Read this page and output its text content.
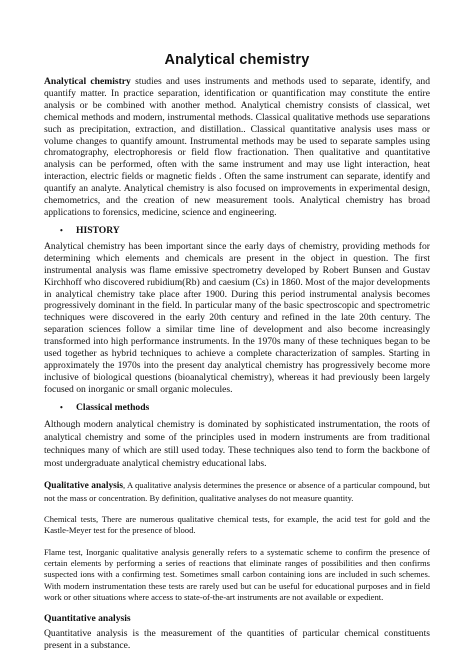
Analytical chemistry

Analytical chemistry studies and uses instruments and methods used to separate, identify, and quantify matter. In practice separation, identification or quantification may constitute the entire analysis or be combined with another method. Analytical chemistry consists of classical, wet chemical methods and modern, instrumental methods. Classical qualitative methods use separations such as precipitation, extraction, and distillation.. Classical quantitative analysis uses mass or volume changes to quantify amount. Instrumental methods may be used to separate samples using chromatography, electrophoresis or field flow fractionation. Then qualitative and quantitative analysis can be performed, often with the same instrument and may use light interaction, heat interaction, electric fields or magnetic fields . Often the same instrument can separate, identify and quantify an analyte. Analytical chemistry is also focused on improvements in experimental design, chemometrics, and the creation of new measurement tools. Analytical chemistry has broad applications to forensics, medicine, science and engineering.

•	HISTORY

Analytical chemistry has been important since the early days of chemistry, providing methods for determining which elements and chemicals are present in the object in question. The first instrumental analysis was flame emissive spectrometry developed by Robert Bunsen and Gustav Kirchhoff who discovered rubidium(Rb) and caesium (Cs) in 1860. Most of the major developments in analytical chemistry take place after 1900. During this period instrumental analysis becomes progressively dominant in the field. In particular many of the basic spectroscopic and spectrometric techniques were discovered in the early 20th century and refined in the late 20th century. The separation sciences follow a similar time line of development and also become increasingly transformed into high performance instruments. In the 1970s many of these techniques began to be used together as hybrid techniques to achieve a complete characterization of samples. Starting in approximately the 1970s into the present day analytical chemistry has progressively become more inclusive of biological questions (bioanalytical chemistry), whereas it had previously been largely focused on inorganic or small organic molecules.

•	Classical methods

Although modern analytical chemistry is dominated by sophisticated instrumentation, the roots of analytical chemistry and some of the principles used in modern instruments are from traditional techniques many of which are still used today. These techniques also tend to form the backbone of most undergraduate analytical chemistry educational labs.

Qualitative analysis, A qualitative analysis determines the presence or absence of a particular compound, but not the mass or concentration. By definition, qualitative analyses do not measure quantity.

Chemical tests, There are numerous qualitative chemical tests, for example, the acid test for gold and the Kastle-Meyer test for the presence of blood.

Flame test, Inorganic qualitative analysis generally refers to a systematic scheme to confirm the presence of certain elements by performing a series of reactions that eliminate ranges of possibilities and then confirms suspected ions with a confirming test. Sometimes small carbon containing ions are included in such schemes. With modern instrumentation these tests are rarely used but can be useful for educational purposes and in field work or other situations where access to state-of-the-art instruments are not available or expedient.

Quantitative analysis

Quantitative analysis is the measurement of the quantities of particular chemical constituents present in a substance.
